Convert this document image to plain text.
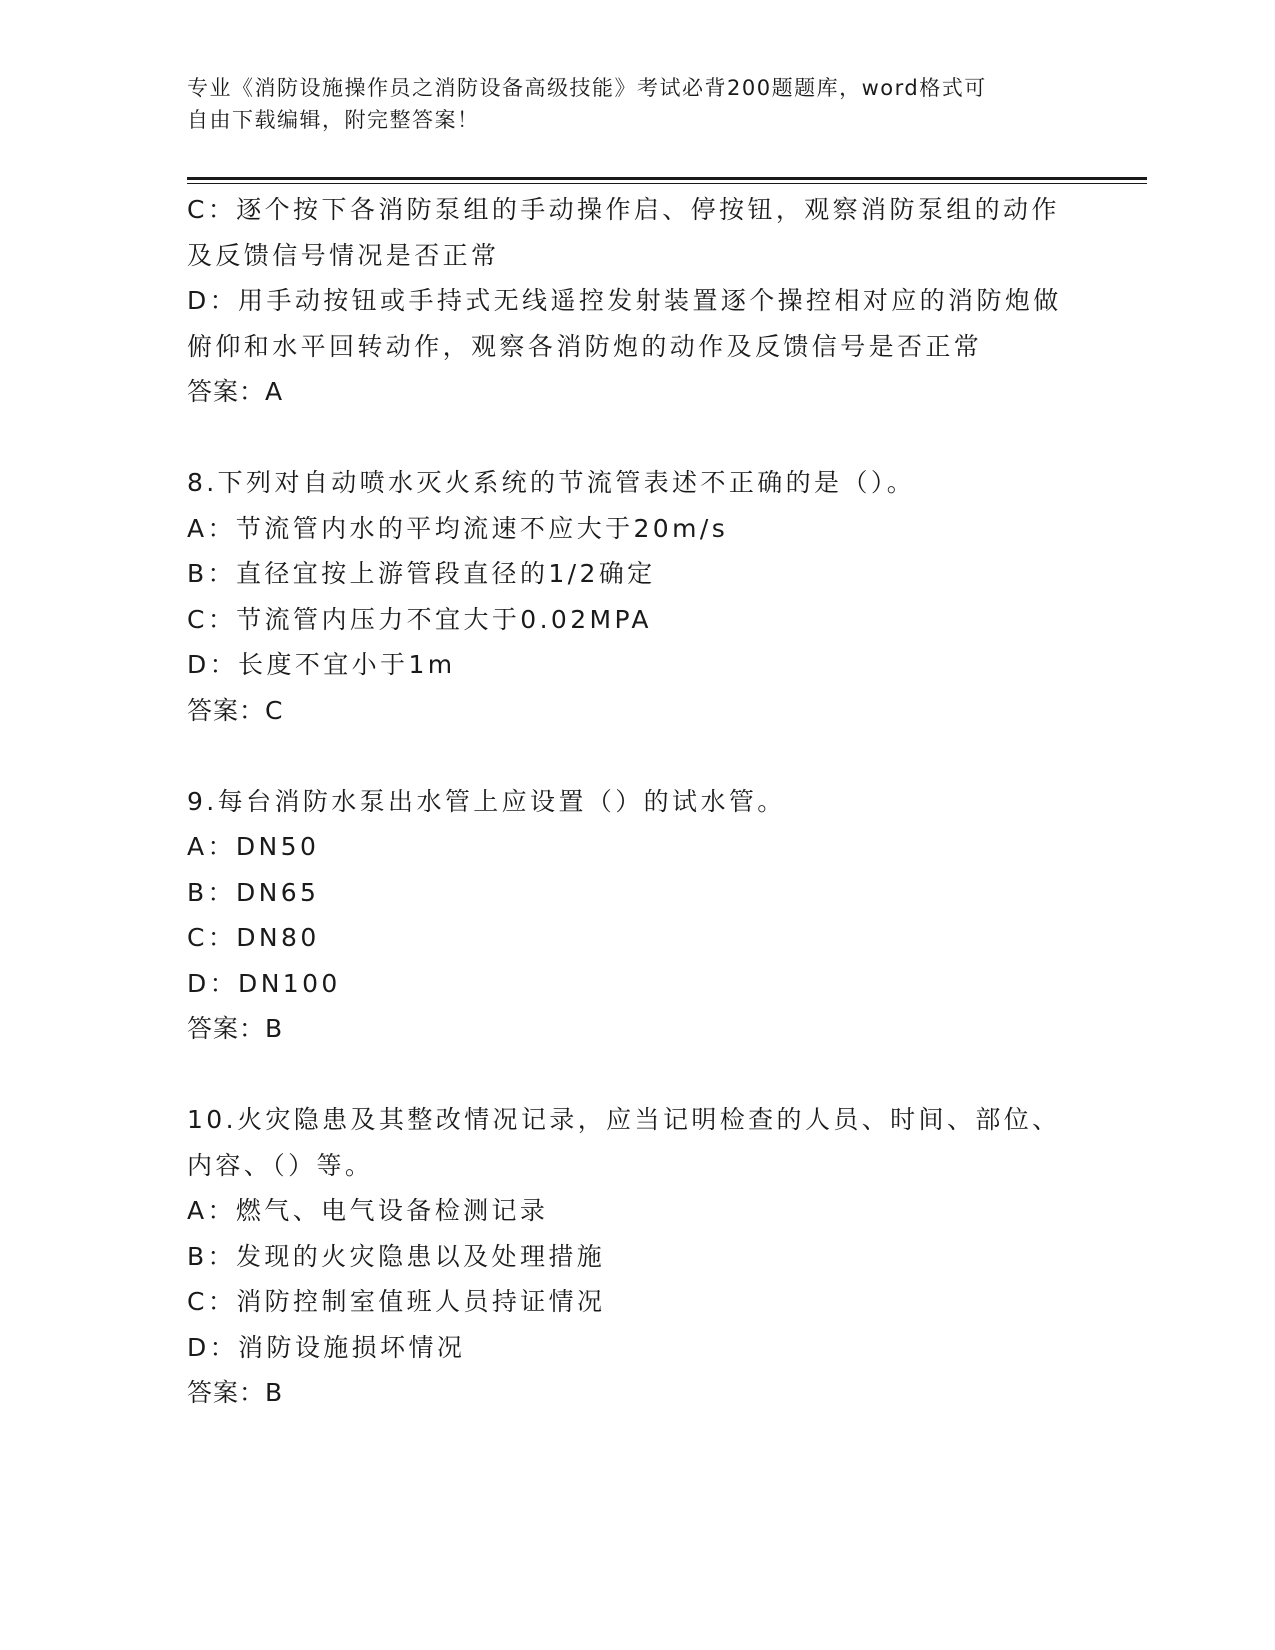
专业《消防设施操作员之消防设备高级技能》考试必背200题题库，word格式可
自由下载编辑，附完整答案！
C：逐个按下各消防泵组的手动操作启、停按钮，观察消防泵组的动作
及反馈信号情况是否正常
D：用手动按钮或手持式无线遥控发射装置逐个操控相对应的消防炮做
俯仰和水平回转动作，观察各消防炮的动作及反馈信号是否正常
答案：A
8.下列对自动喷水灭火系统的节流管表述不正确的是（）。
A：节流管内水的平均流速不应大于20m/s
B：直径宜按上游管段直径的1/2确定
C：节流管内压力不宜大于0.02MPA
D：长度不宜小于1m
答案：C
9.每台消防水泵出水管上应设置（）的试水管。
A：DN50
B：DN65
C：DN80
D：DN100
答案：B
10.火灾隐患及其整改情况记录，应当记明检查的人员、时间、部位、
内容、（）等。
A：燃气、电气设备检测记录
B：发现的火灾隐患以及处理措施
C：消防控制室值班人员持证情况
D：消防设施损坏情况
答案：B
